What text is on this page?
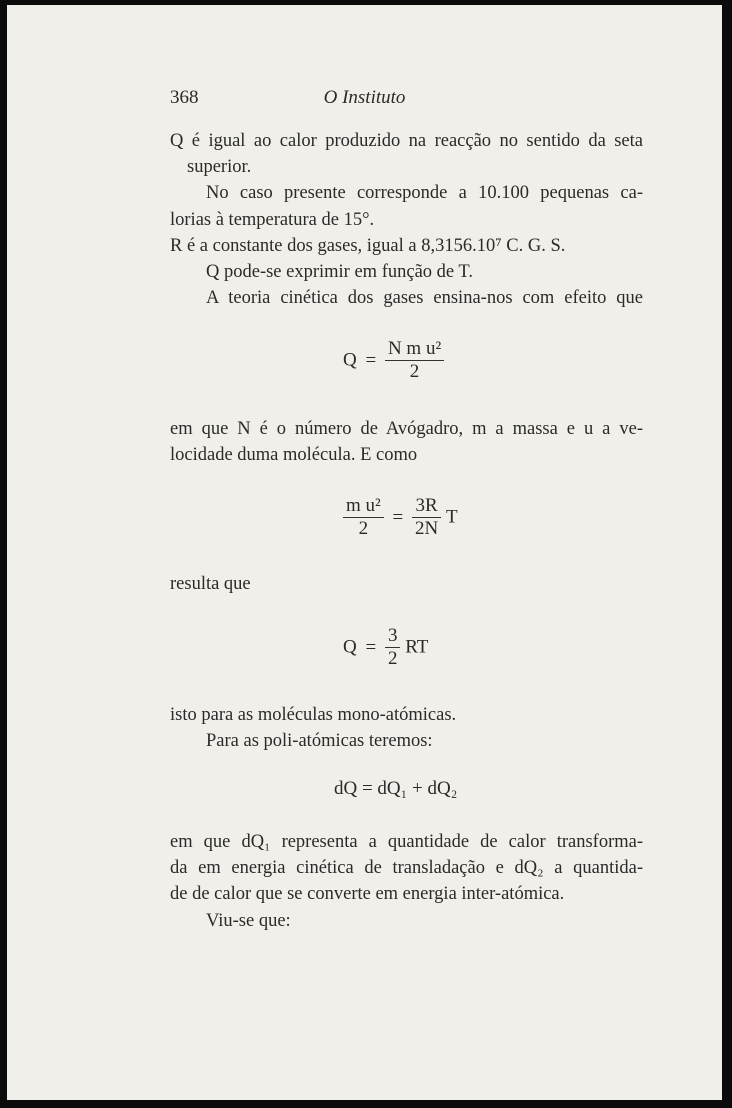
368	O Instituto
Q é igual ao calor produzido na reacção no sentido da seta
superior.
No caso presente corresponde a 10.100 pequenas ca-
lorias à temperatura de 15°.
R é a constante dos gases, igual a 8,3156.10⁷ C. G. S.
Q pode-se exprimir em função de T.
A teoria cinética dos gases ensina-nos com efeito que
$Q = \frac{\text{N m u²}}{2}$
em que N é o número de Avógadro, m a massa e u a ve-
locidade duma molécula. E como
$\frac{\text{m u²}}{2} = \frac{3R}{2N}$ T
resulta que
$Q = \frac{3}{2}$ RT
isto para as moléculas mono-atómicas.
Para as poli-atómicas teremos:
dQ = dQ₁ + dQ₂
em que dQ₁ representa a quantidade de calor transforma-
da em energia cinética de transladação e dQ₂ a quantida-
de de calor que se converte em energia inter-atómica.
Viu-se que:
